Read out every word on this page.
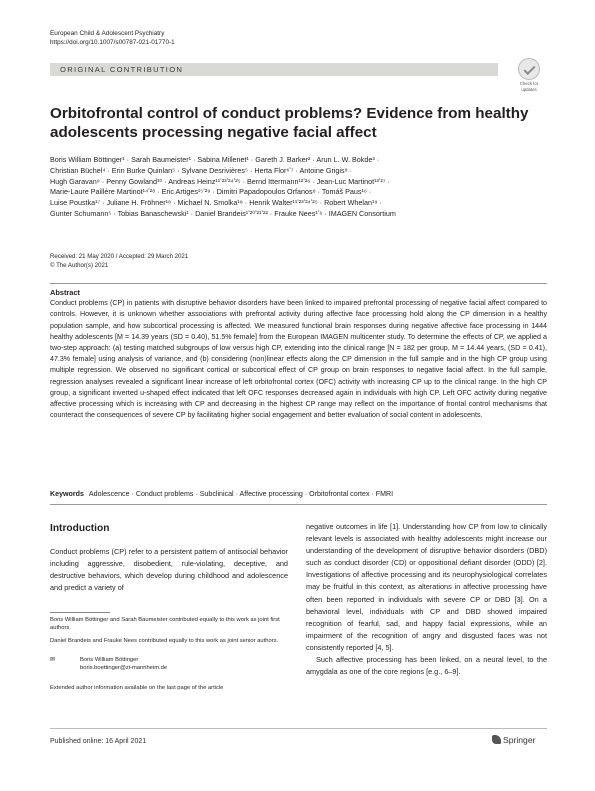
European Child & Adolescent Psychiatry
https://doi.org/10.1007/s00787-021-01770-1
ORIGINAL CONTRIBUTION
Check for
updates
Orbitofrontal control of conduct problems? Evidence from healthy adolescents processing negative facial affect
Boris William Böttinger¹ · Sarah Baumeister¹ · Sabina Millenet¹ · Gareth J. Barker² · Arun L. W. Bokde³ ·
Christian Büchel⁴ · Erin Burke Quinlan⁵ · Sylvane Desrivières⁵ · Herta Flor⁶ʼ⁷ · Antoine Grigis⁸ ·
Hugh Garavan⁹ · Penny Gowland¹⁰ · Andreas Heinz¹¹ʼ²³ʼ²⁴ʼ²⁵ · Bernd Ittermann¹²ʼ²⁶ · Jean-Luc Martinot¹³ʼ²⁷ ·
Marie-Laure Paillère Martinot¹⁴ʼ²⁸ · Eric Artiges¹⁵ʼ²⁹ · Dimitri Papadopoulos Orfanos⁸ · Tomáš Paus¹⁶ ·
Luise Poustka¹⁷ · Juliane H. Fröhner¹⁸ · Michael N. Smolka¹⁸ · Henrik Walter¹¹ʼ²³ʼ²⁴ʼ²⁵ · Robert Whelan¹⁹ ·
Gunter Schumann⁵ · Tobias Banaschewski¹ · Daniel Brandeis¹ʼ²⁰ʼ²¹ʼ²² · Frauke Nees¹ʼ⁶ · IMAGEN Consortium
Received: 21 May 2020 / Accepted: 29 March 2021
© The Author(s) 2021
Abstract
Conduct problems (CP) in patients with disruptive behavior disorders have been linked to impaired prefrontal processing of negative facial affect compared to controls. However, it is unknown whether associations with prefrontal activity during affective face processing hold along the CP dimension in a healthy population sample, and how subcortical processing is affected. We measured functional brain responses during negative affective face processing in 1444 healthy adolescents [M = 14.39 years (SD = 0.40), 51.5% female] from the European IMAGEN multicenter study. To determine the effects of CP, we applied a two-step approach: (a) testing matched subgroups of low versus high CP, extending into the clinical range [N = 182 per group, M = 14.44 years, (SD = 0.41), 47.3% female] using analysis of variance, and (b) considering (non)linear effects along the CP dimension in the full sample and in the high CP group using multiple regression. We observed no significant cortical or subcortical effect of CP group on brain responses to negative facial affect. In the full sample, regression analyses revealed a significant linear increase of left orbitofrontal cortex (OFC) activity with increasing CP up to the clinical range. In the high CP group, a significant inverted u-shaped effect indicated that left OFC responses decreased again in individuals with high CP. Left OFC activity during negative affective processing which is increasing with CP and decreasing in the highest CP range may reflect on the importance of frontal control mechanisms that counteract the consequences of severe CP by facilitating higher social engagement and better evaluation of social content in adolescents.
Keywords Adolescence · Conduct problems · Subclinical · Affective processing · Orbitofrontal cortex · FMRI
Introduction
Conduct problems (CP) refer to a persistent pattern of antisocial behavior including aggressive, disobedient, rule-violating, deceptive, and destructive behaviors, which develop during childhood and adolescence and predict a variety of
negative outcomes in life [1]. Understanding how CP from low to clinically relevant levels is associated with healthy adolescents might increase our understanding of the development of disruptive behavior disorders (DBD) such as conduct disorder (CD) or oppositional defiant disorder (ODD) [2]. Investigations of affective processing and its neurophysiological correlates may be fruitful in this context, as alterations in affective processing have often been reported in individuals with severe CP or DBD [3]. On a behavioral level, individuals with CP and DBD showed impaired recognition of fearful, sad, and happy facial expressions, while an impairment of the recognition of angry and disgusted faces was not consistently reported [4, 5].
Such affective processing has been linked, on a neural level, to the amygdala as one of the core regions [e.g., 6–9].
Boris William Böttinger and Sarah Baumeister contributed equally to this work as joint first authors.
Daniel Brandeis and Frauke Nees contributed equally to this work as joint senior authors.
✉	Boris William Böttinger
boris.boettinger@zi-mannheim.de
Extended author information available on the last page of the article
Published online: 16 April 2021	Springer
